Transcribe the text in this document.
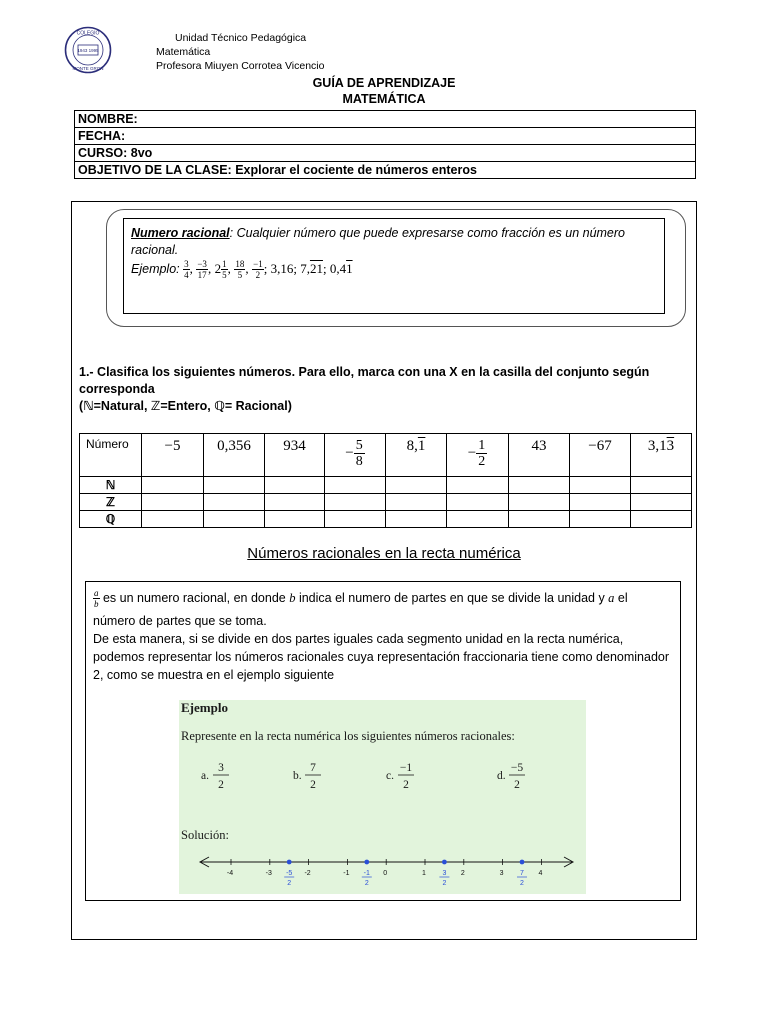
COLEGIO
1943 1995
MONTE GRON
Unidad Técnico Pedagógica
Matemática
Profesora Miuyen Corrotea Vicencio
GUÍA DE APRENDIZAJE
MATEMÁTICA
NOMBRE:
FECHA:
CURSO: 8vo
OBJETIVO DE LA CLASE: Explorar el cociente de números enteros
Numero racional: Cualquier número que puede expresarse como fracción es un número racional.
Ejemplo: $\frac{3}{4}$ , $\frac{-3}{17}$ , $2 \frac{1}{5}$ , $\frac{18}{5}$ , $\frac{-1}{2}$ ; 3,16; 7,21; 0,41
1.- Clasifica los siguientes números. Para ello, marca con una X en la casilla del conjunto según
corresponda
(ℕ=Natural, ℤ=Entero, ℚ= Racional)
Número	−5	0,356	934	− $\frac{5}{8}$	8,1	− $\frac{1}{2}$	43	−67	3,13
ℕ									
ℤ									
ℚ									
Números racionales en la recta numérica
$\frac{a}{b}$ es un numero racional, en donde b indica el numero de partes en que se divide la unidad y a el
número de partes que se toma.
De esta manera, si se divide en dos partes iguales cada segmento unidad en la recta numérica,
podemos representar los números racionales cuya representación fraccionaria tiene como denominador
2, como se muestra en el ejemplo siguiente
Ejemplo
Represente en la recta numérica los siguientes números racionales:
a.
3
2
b.
7
2
c.
−1
2
d.
−5
2
Solución:
-4	-3	-2	-1	0	1	2	3	4
-5
2
-1
2
3
2
7
2
